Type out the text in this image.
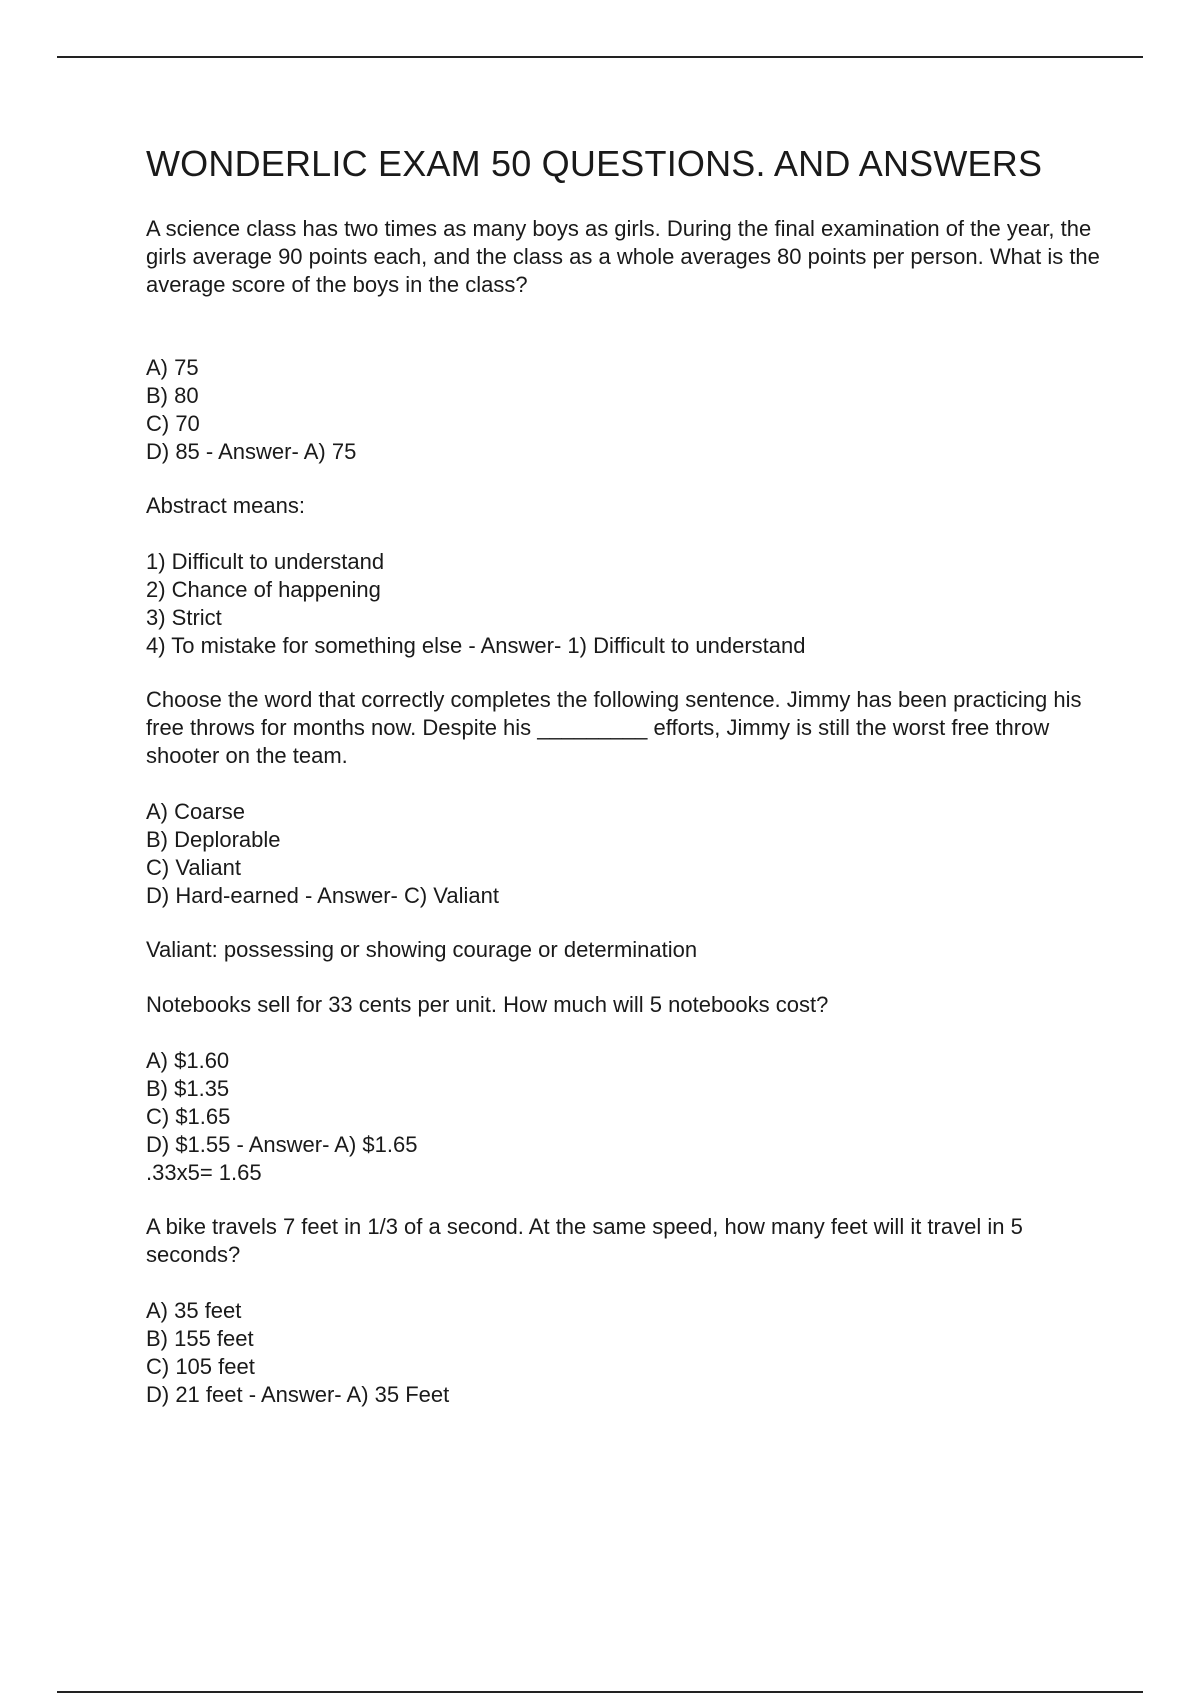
WONDERLIC EXAM 50 QUESTIONS. AND ANSWERS

A science class has two times as many boys as girls. During the final examination of the year, the girls average 90 points each, and the class as a whole averages 80 points per person. What is the average score of the boys in the class?

A) 75
B) 80
C) 70
D) 85 - Answer- A) 75

Abstract means:

1) Difficult to understand
2) Chance of happening
3) Strict
4) To mistake for something else - Answer- 1) Difficult to understand

Choose the word that correctly completes the following sentence. Jimmy has been practicing his free throws for months now. Despite his _________ efforts, Jimmy is still the worst free throw shooter on the team.

A) Coarse
B) Deplorable
C) Valiant
D) Hard-earned - Answer- C) Valiant

Valiant: possessing or showing courage or determination

Notebooks sell for 33 cents per unit. How much will 5 notebooks cost?

A) $1.60
B) $1.35
C) $1.65
D) $1.55 - Answer- A) $1.65
.33x5= 1.65

A bike travels 7 feet in 1/3 of a second. At the same speed, how many feet will it travel in 5 seconds?

A) 35 feet
B) 155 feet
C) 105 feet
D) 21 feet - Answer- A) 35 Feet
